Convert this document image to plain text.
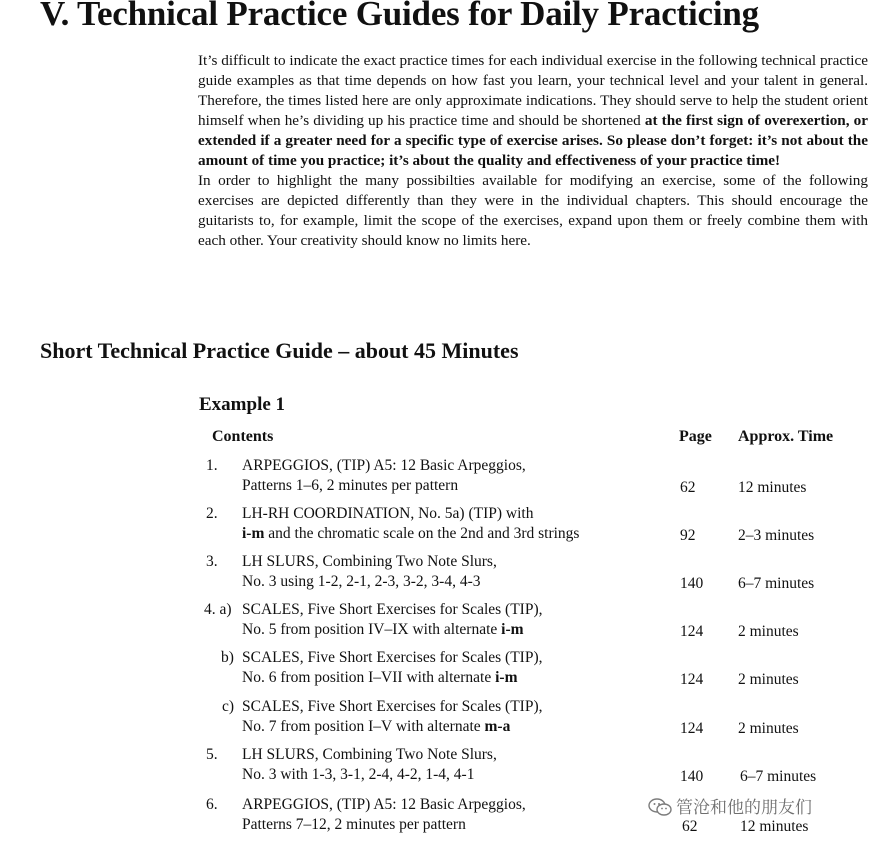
V. Technical Practice Guides for Daily Practicing

It’s difficult to indicate the exact practice times for each individual exercise in the following technical practice guide examples as that time depends on how fast you learn, your technical level and your talent in general. Therefore, the times listed here are only approximate indications. They should serve to help the student orient himself when he’s dividing up his practice time and should be shortened at the first sign of overexertion, or extended if a greater need for a specific type of exercise arises. So please don’t forget: it’s not about the amount of time you practice; it’s about the quality and effectiveness of your practice time!

In order to highlight the many possibilties available for modifying an exercise, some of the following exercises are depicted differently than they were in the individual chapters. This should encourage the guitarists to, for example, limit the scope of the exercises, expand upon them or freely combine them with each other. Your creativity should know no limits here.

Short Technical Practice Guide – about 45 Minutes
Example 1
Contents	Page Approx. Time
1. ARPEGGIOS, (TIP) A5: 12 Basic Arpeggios,
Patterns 1–6, 2 minutes per pattern	62	12 minutes
2. LH-RH COORDINATION, No. 5a) (TIP) with
i-m and the chromatic scale on the 2nd and 3rd strings	92	2–3 minutes
3. LH SLURS, Combining Two Note Slurs,
No. 3 using 1-2, 2-1, 2-3, 3-2, 3-4, 4-3	140 6–7 minutes
4. a) SCALES, Five Short Exercises for Scales (TIP),
No. 5 from position IV–IX with alternate i-m	124 2 minutes
b) SCALES, Five Short Exercises for Scales (TIP),
No. 6 from position I–VII with alternate i-m	124 2 minutes
c) SCALES, Five Short Exercises for Scales (TIP),
No. 7 from position I–V with alternate m-a	124 2 minutes
5. LH SLURS, Combining Two Note Slurs,
No. 3 with 1-3, 3-1, 2-4, 4-2, 1-4, 4-1	140 6–7 minutes
6. ARPEGGIOS, (TIP) A5: 12 Basic Arpeggios,
Patterns 7–12, 2 minutes per pattern	62	12 minutes
管沧和他的朋友们
